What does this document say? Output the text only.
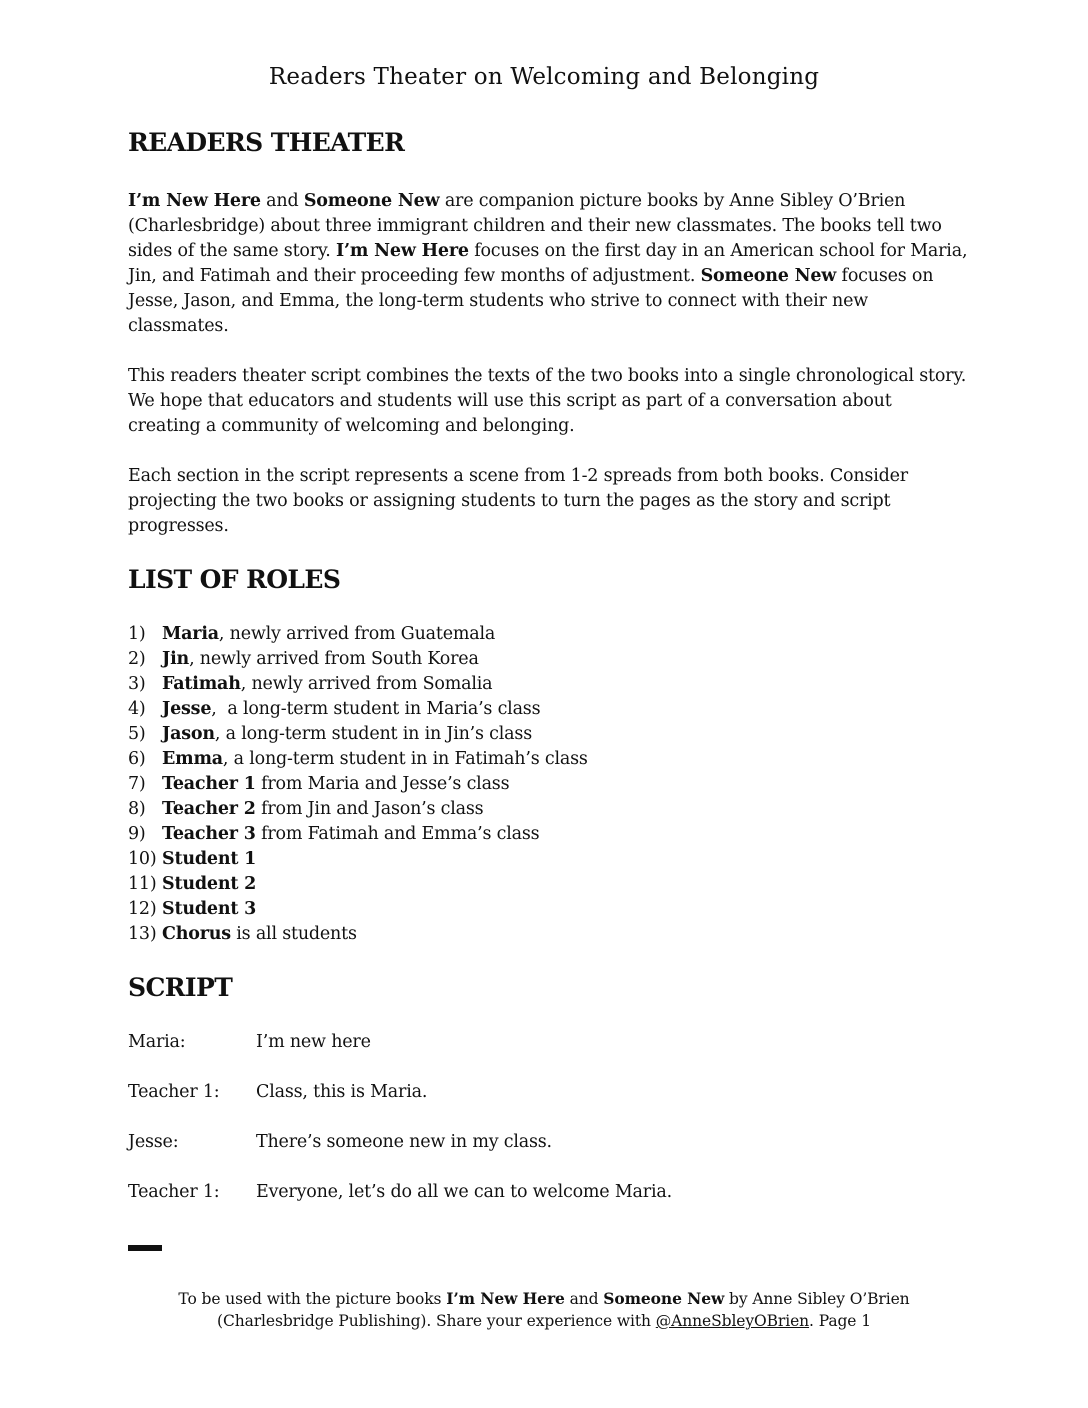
Readers Theater on Welcoming and Belonging
READERS THEATER

I’m New Here and Someone New are companion picture books by Anne Sibley O’Brien (Charlesbridge) about three immigrant children and their new classmates. The books tell two sides of the same story. I’m New Here focuses on the first day in an American school for Maria, Jin, and Fatimah and their proceeding few months of adjustment. Someone New focuses on Jesse, Jason, and Emma, the long-term students who strive to connect with their new classmates.

This readers theater script combines the texts of the two books into a single chronological story. We hope that educators and students will use this script as part of a conversation about creating a community of welcoming and belonging.

Each section in the script represents a scene from 1-2 spreads from both books. Consider projecting the two books or assigning students to turn the pages as the story and script progresses.

LIST OF ROLES
1) Maria, newly arrived from Guatemala
2) Jin, newly arrived from South Korea
3) Fatimah, newly arrived from Somalia
4) Jesse,  a long-term student in Maria’s class
5) Jason, a long-term student in in Jin’s class
6) Emma, a long-term student in in Fatimah’s class
7) Teacher 1 from Maria and Jesse’s class
8) Teacher 2 from Jin and Jason’s class
9) Teacher 3 from Fatimah and Emma’s class
10) Student 1
11) Student 2
12) Student 3
13) Chorus is all students
SCRIPT
Maria:	I’m new here
Teacher 1:	Class, this is Maria.
Jesse:	There’s someone new in my class.
Teacher 1:	Everyone, let’s do all we can to welcome Maria.
To be used with the picture books I’m New Here and Someone New by Anne Sibley O’Brien
(Charlesbridge Publishing). Share your experience with @AnneSbleyOBrien. Page 1
